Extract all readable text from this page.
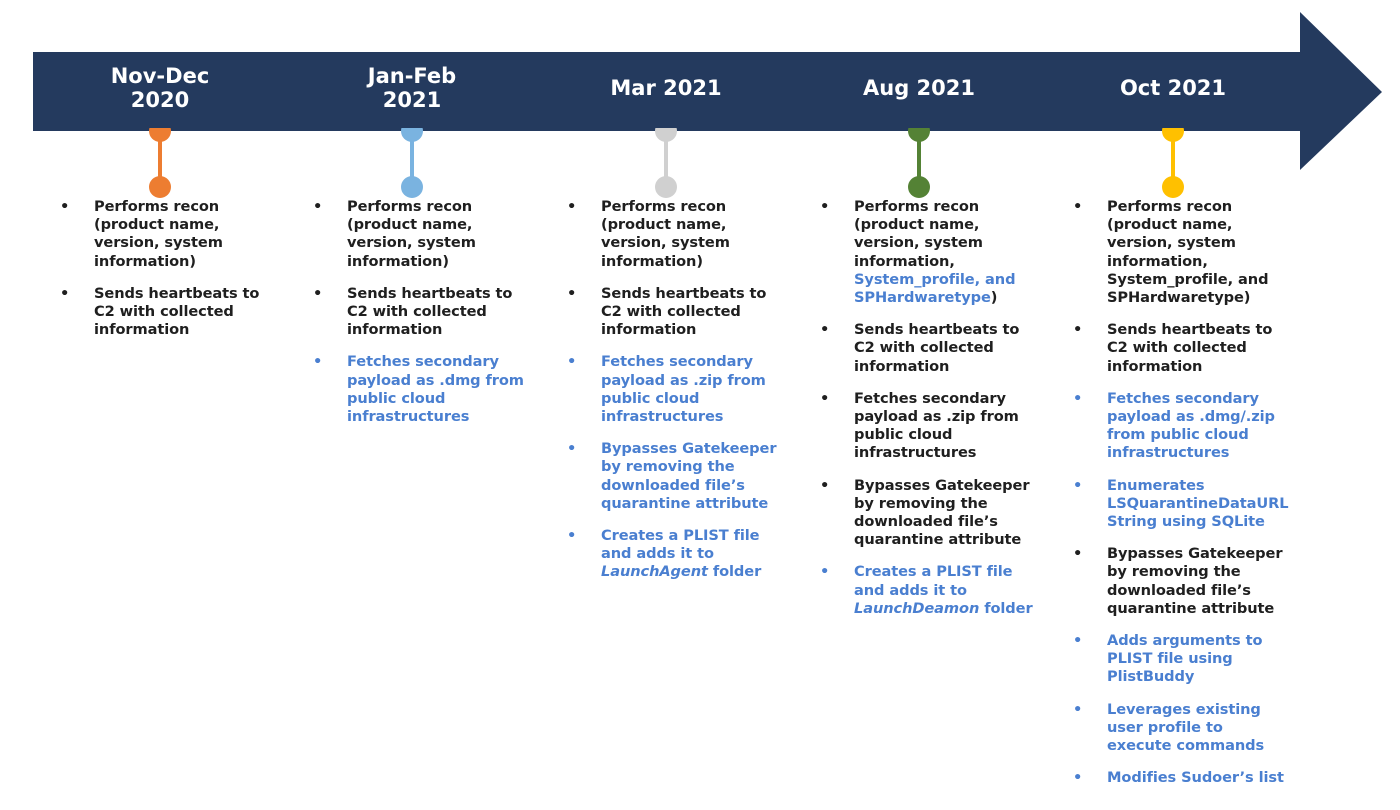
Nov-Dec
2020
• Performs recon (product name, version, system information)
• Sends heartbeats to C2 with collected information
Jan-Feb
2021
• Performs recon (product name, version, system information)
• Sends heartbeats to C2 with collected information
• Fetches secondary payload as .dmg from public cloud infrastructures
Mar 2021
• Performs recon (product name, version, system information)
• Sends heartbeats to C2 with collected information
• Fetches secondary payload as .zip from public cloud infrastructures
• Bypasses Gatekeeper by removing the downloaded file’s quarantine attribute
• Creates a PLIST file and adds it to LaunchAgent folder
Aug 2021
• Performs recon (product name, version, system information, System_profile, and SPHardwaretype)
• Sends heartbeats to C2 with collected information
• Fetches secondary payload as .zip from public cloud infrastructures
• Bypasses Gatekeeper by removing the downloaded file’s quarantine attribute
• Creates a PLIST file and adds it to LaunchDeamon folder
Oct 2021
• Performs recon (product name, version, system information, System_profile, and SPHardwaretype)
• Sends heartbeats to C2 with collected information
• Fetches secondary payload as .dmg/.zip from public cloud infrastructures
• Enumerates LSQuarantineDataURL String using SQLite
• Bypasses Gatekeeper by removing the downloaded file’s quarantine attribute
• Adds arguments to PLIST file using PlistBuddy
• Leverages existing user profile to execute commands
• Modifies Sudoer’s list
